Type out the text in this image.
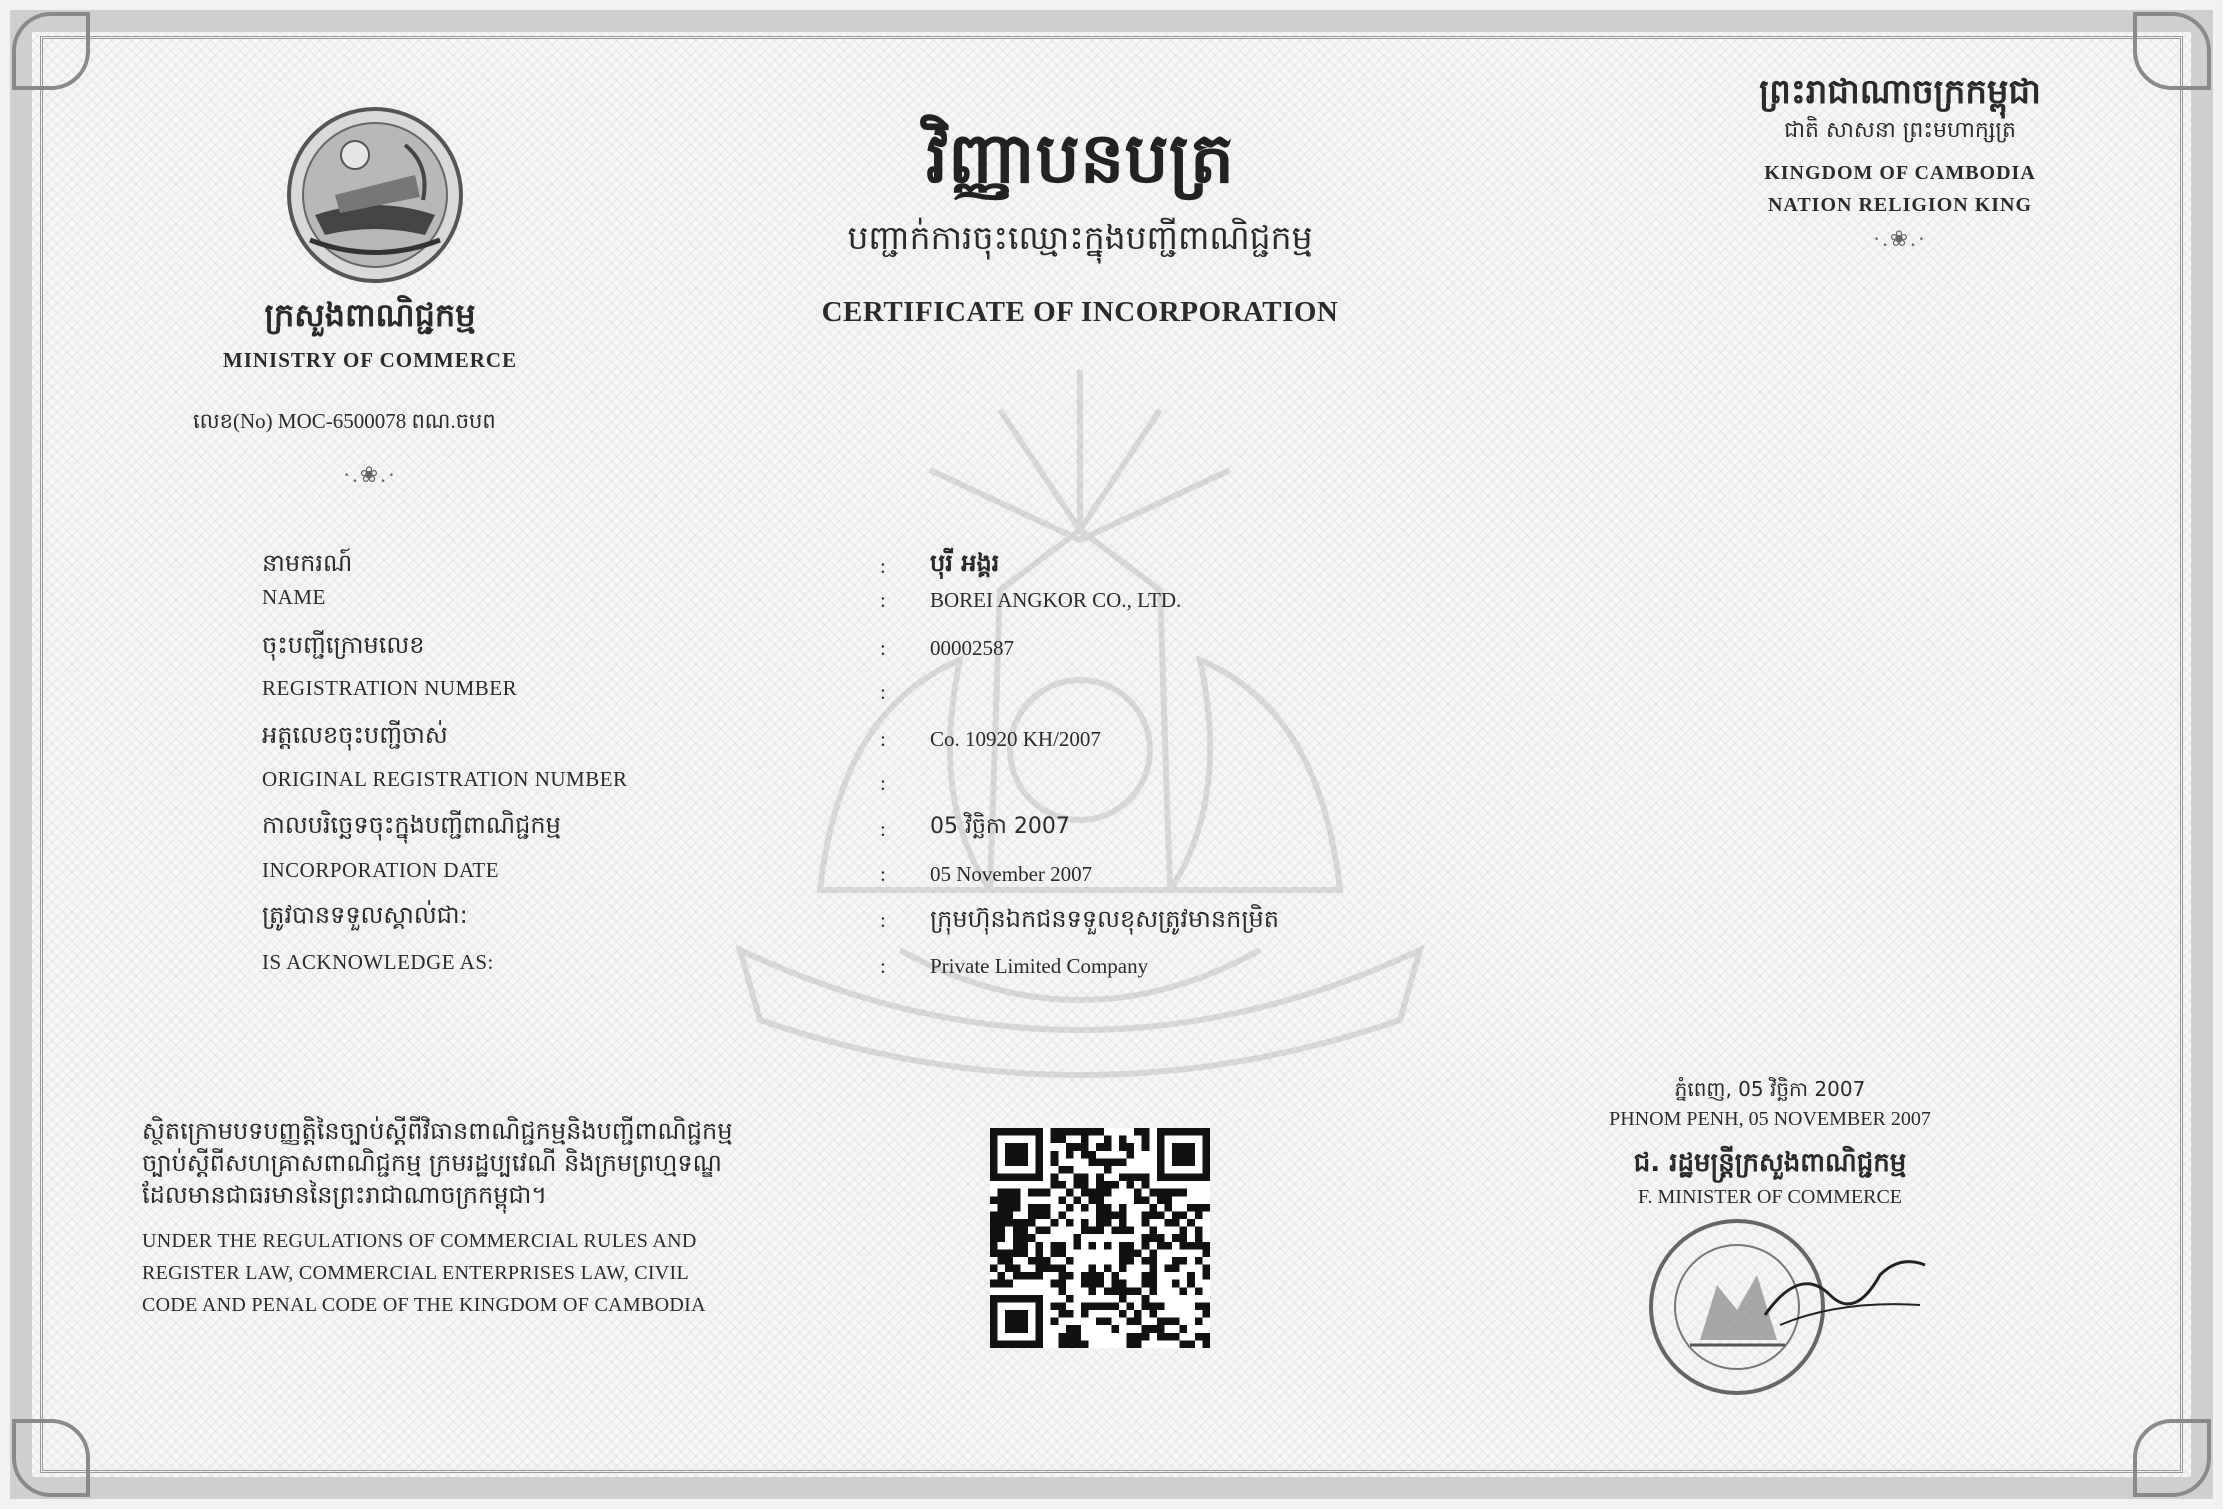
ក្រសួងពាណិជ្ជកម្ម
MINISTRY OF COMMERCE
លេខ(No) MOC-6500078 ពណ.ចបព
·.❀.·
វិញ្ញាបនបត្រ
បញ្ជាក់ការចុះឈ្មោះក្នុងបញ្ជីពាណិជ្ជកម្ម
CERTIFICATE OF INCORPORATION
ព្រះរាជាណាចក្រកម្ពុជា
ជាតិ សាសនា ព្រះមហាក្សត្រ
KINGDOM OF CAMBODIA
NATION RELIGION KING
·.❀.·
នាមករណ៍
NAME
:
:
បុរី អង្គរ
BOREI ANGKOR CO., LTD.
ចុះបញ្ជីក្រោមលេខ
REGISTRATION NUMBER
:
:
00002587
អត្តលេខចុះបញ្ជីចាស់
ORIGINAL REGISTRATION NUMBER
:
:
Co. 10920 KH/2007
កាលបរិច្ឆេទចុះក្នុងបញ្ជីពាណិជ្ជកម្ម
INCORPORATION DATE
:
:
05 វិច្ឆិកា 2007
05 November 2007
ត្រូវបានទទួលស្គាល់ជា:
IS ACKNOWLEDGE AS:
:
:
ក្រុមហ៊ុនឯកជនទទួលខុសត្រូវមានកម្រិត
Private Limited Company
ស្ថិតក្រោមបទបញ្ញត្តិនៃច្បាប់ស្តីពីវិធានពាណិជ្ជកម្មនិងបញ្ជីពាណិជ្ជកម្ម
ច្បាប់ស្តីពីសហគ្រាសពាណិជ្ជកម្ម ក្រមរដ្ឋប្បវេណី និងក្រមព្រហ្មទណ្ឌ
ដែលមានជាធរមាននៃព្រះរាជាណាចក្រកម្ពុជា។
UNDER THE REGULATIONS OF COMMERCIAL RULES AND
REGISTER LAW, COMMERCIAL ENTERPRISES LAW, CIVIL
CODE AND PENAL CODE OF THE KINGDOM OF CAMBODIA
ភ្នំពេញ, 05 វិច្ឆិកា 2007
PHNOM PENH, 05 NOVEMBER 2007
ជ. រដ្ឋមន្ត្រីក្រសួងពាណិជ្ជកម្ម
F. MINISTER OF COMMERCE
